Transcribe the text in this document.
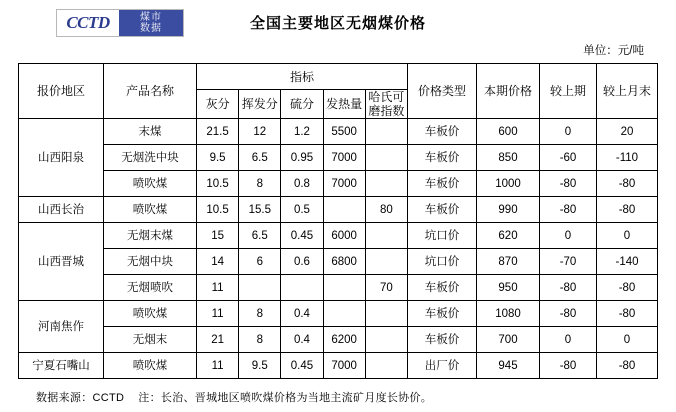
CCTD	煤市
数据	全国主要地区无烟煤价格
单位：元/吨
报价地区	产品名称	指标					价格类型	本期价格	较上期	较上月末
		灰分	挥发分	硫分	发热量	哈氏可磨指数				
山西阳泉	末煤	21.5	12	1.2	5500		车板价	600	0	20
	无烟洗中块	9.5	6.5	0.95	7000		车板价	850	-60	-110
	喷吹煤	10.5	8	0.8	7000		车板价	1000	-80	-80
山西长治	喷吹煤	10.5	15.5	0.5		80	车板价	990	-80	-80
山西晋城	无烟末煤	15	6.5	0.45	6000		坑口价	620	0	0
	无烟中块	14	6	0.6	6800		坑口价	870	-70	-140
	无烟喷吹	11				70	车板价	950	-80	-80
河南焦作	喷吹煤	11	8	0.4			车板价	1080	-80	-80
	无烟末	21	8	0.4	6200		车板价	700	0	0
宁夏石嘴山	喷吹煤	11	9.5	0.45	7000		出厂价	945	-80	-80
数据来源：CCTD 注：长治、晋城地区喷吹煤价格为当地主流矿月度长协价。
